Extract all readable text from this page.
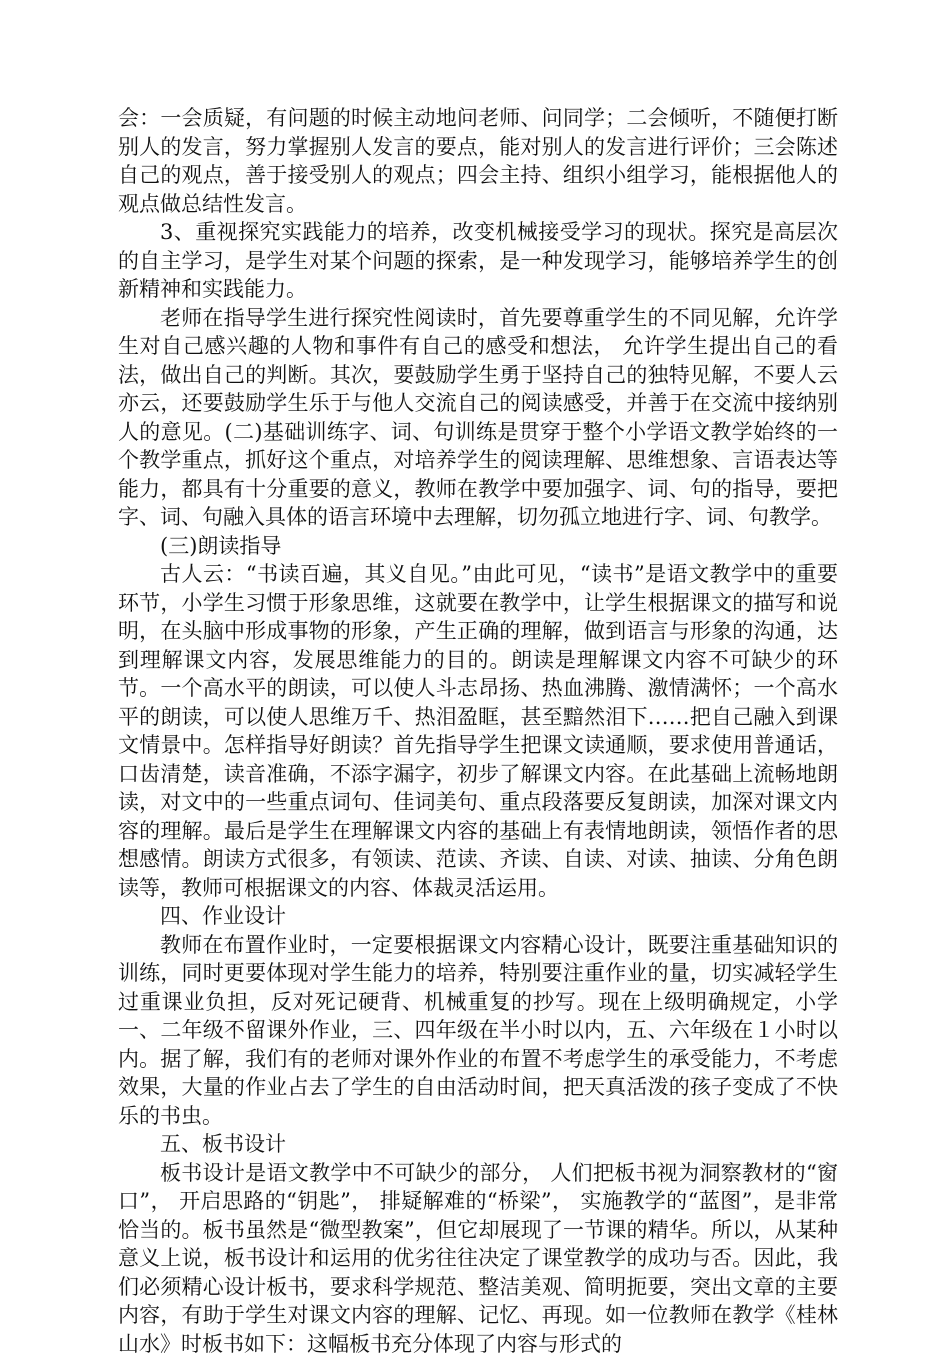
会：一会质疑，有问题的时候主动地问老师、问同学；二会倾听，不随便打断别人的发言，努力掌握别人发言的要点，能对别人的发言进行评价；三会陈述自己的观点，善于接受别人的观点；四会主持、组织小组学习，能根据他人的观点做总结性发言。

3、重视探究实践能力的培养，改变机械接受学习的现状。探究是高层次的自主学习，是学生对某个问题的探索，是一种发现学习，能够培养学生的创新精神和实践能力。

老师在指导学生进行探究性阅读时，首先要尊重学生的不同见解，允许学生对自己感兴趣的人物和事件有自己的感受和想法， 允许学生提出自己的看法，做出自己的判断。其次，要鼓励学生勇于坚持自己的独特见解，不要人云亦云，还要鼓励学生乐于与他人交流自己的阅读感受，并善于在交流中接纳别人的意见。(二)基础训练字、词、句训练是贯穿于整个小学语文教学始终的一个教学重点，抓好这个重点，对培养学生的阅读理解、思维想象、言语表达等能力，都具有十分重要的意义，教师在教学中要加强字、词、句的指导，要把字、词、句融入具体的语言环境中去理解，切勿孤立地进行字、词、句教学。

(三)朗读指导

古人云：“书读百遍，其义自见。”由此可见，“读书”是语文教学中的重要环节，小学生习惯于形象思维，这就要在教学中，让学生根据课文的描写和说明，在头脑中形成事物的形象，产生正确的理解，做到语言与形象的沟通，达到理解课文内容，发展思维能力的目的。朗读是理解课文内容不可缺少的环节。一个高水平的朗读，可以使人斗志昂扬、热血沸腾、激情满怀；一个高水平的朗读，可以使人思维万千、热泪盈眶，甚至黯然泪下……把自己融入到课文情景中。怎样指导好朗读？首先指导学生把课文读通顺，要求使用普通话，口齿清楚，读音准确，不添字漏字，初步了解课文内容。在此基础上流畅地朗读，对文中的一些重点词句、佳词美句、重点段落要反复朗读，加深对课文内容的理解。最后是学生在理解课文内容的基础上有表情地朗读，领悟作者的思想感情。朗读方式很多，有领读、范读、齐读、自读、对读、抽读、分角色朗读等，教师可根据课文的内容、体裁灵活运用。

四、作业设计

教师在布置作业时，一定要根据课文内容精心设计，既要注重基础知识的训练，同时更要体现对学生能力的培养，特别要注重作业的量，切实减轻学生过重课业负担，反对死记硬背、机械重复的抄写。现在上级明确规定，小学一、二年级不留课外作业，三、四年级在半小时以内，五、六年级在１小时以内。据了解，我们有的老师对课外作业的布置不考虑学生的承受能力，不考虑效果，大量的作业占去了学生的自由活动时间，把天真活泼的孩子变成了不快乐的书虫。

五、板书设计

板书设计是语文教学中不可缺少的部分， 人们把板书视为洞察教材的“窗口”， 开启思路的“钥匙”， 排疑解难的“桥梁”， 实施教学的“蓝图”，是非常恰当的。板书虽然是“微型教案”，但它却展现了一节课的精华。所以，从某种意义上说，板书设计和运用的优劣往往决定了课堂教学的成功与否。因此，我们必须精心设计板书，要求科学规范、整洁美观、简明扼要，突出文章的主要内容，有助于学生对课文内容的理解、记忆、再现。如一位教师在教学《桂林山水》时板书如下：这幅板书充分体现了内容与形式的
